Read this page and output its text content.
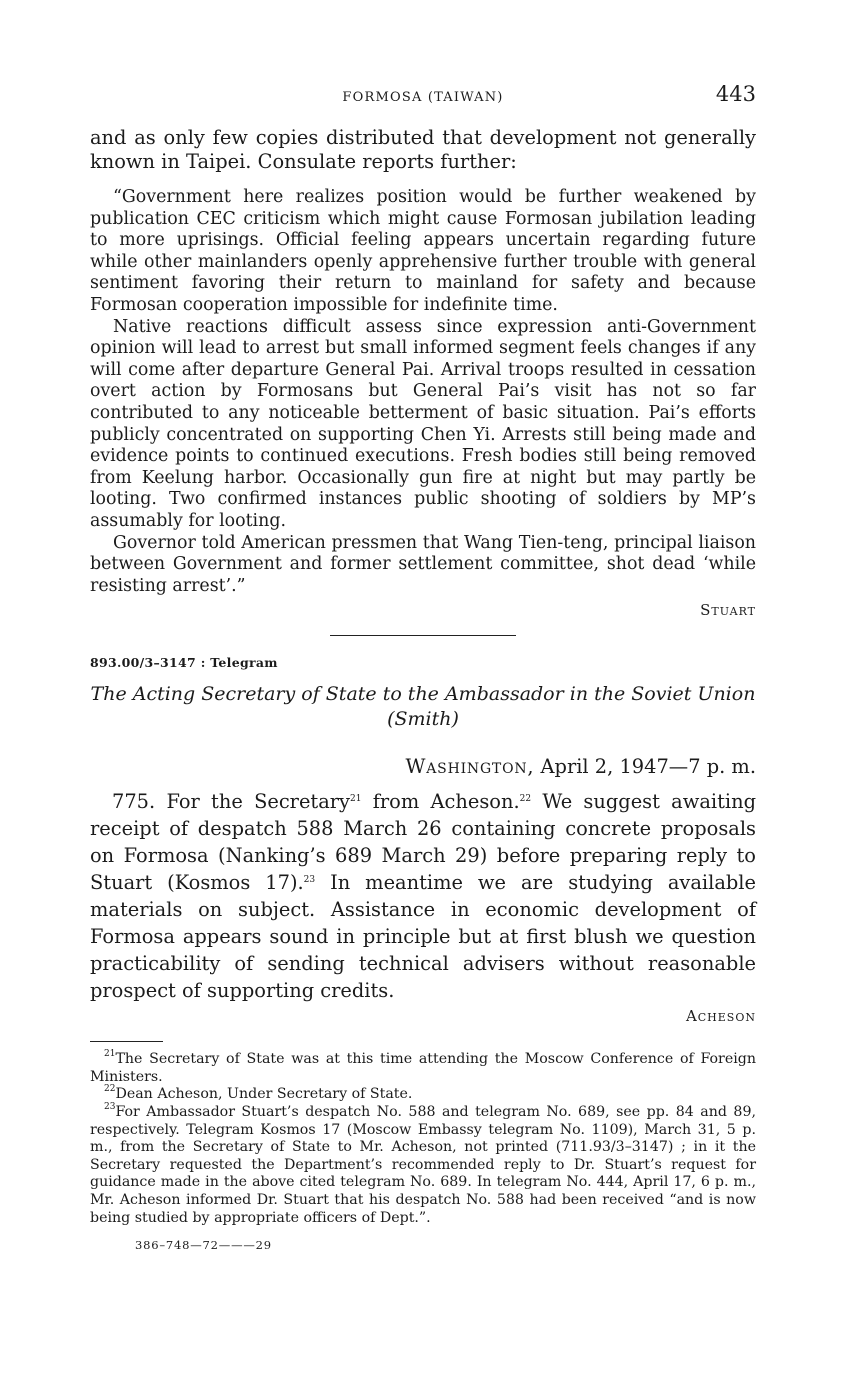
FORMOSA (TAIWAN)	443

and as only few copies distributed that development not generally known in Taipei. Consulate reports further:

“Government here realizes position would be further weakened by publication CEC criticism which might cause Formosan jubilation leading to more uprisings. Official feeling appears uncertain regarding future while other mainlanders openly apprehensive further trouble with general sentiment favoring their return to mainland for safety and because Formosan cooperation impossible for indefinite time.

Native reactions difficult assess since expression anti-Government opinion will lead to arrest but small informed segment feels changes if any will come after departure General Pai. Arrival troops resulted in cessation overt action by Formosans but General Pai’s visit has not so far contributed to any noticeable betterment of basic situation. Pai’s efforts publicly concentrated on supporting Chen Yi. Arrests still being made and evidence points to continued executions. Fresh bodies still being removed from Keelung harbor. Occasionally gun fire at night but may partly be looting. Two confirmed instances public shooting of soldiers by MP’s assumably for looting.

Governor told American pressmen that Wang Tien-teng, principal liaison between Government and former settlement committee, shot dead ‘while resisting arrest’.”

Stuart

893.00/3–3147 : Telegram

The Acting Secretary of State to the Ambassador in the Soviet Union

(Smith)

Washington, April 2, 1947—7 p. m.

775. For the Secretary$^{21}$ from Acheson.$^{22}$ We suggest awaiting receipt of despatch 588 March 26 containing concrete proposals on Formosa (Nanking’s 689 March 29) before preparing reply to Stuart (Kosmos 17).$^{23}$ In meantime we are studying available materials on subject. Assistance in economic development of Formosa appears sound in principle but at first blush we question practicability of sending technical advisers without reasonable prospect of supporting credits.

Acheson

$^{21}$The Secretary of State was at this time attending the Moscow Conference of Foreign Ministers.

$^{22}$Dean Acheson, Under Secretary of State.

$^{23}$For Ambassador Stuart’s despatch No. 588 and telegram No. 689, see pp. 84 and 89, respectively. Telegram Kosmos 17 (Moscow Embassy telegram No. 1109), March 31, 5 p. m., from the Secretary of State to Mr. Acheson, not printed (711.93/3–3147) ; in it the Secretary requested the Department’s recommended reply to Dr. Stuart’s request for guidance made in the above cited telegram No. 689. In telegram No. 444, April 17, 6 p. m., Mr. Acheson informed Dr. Stuart that his despatch No. 588 had been received “and is now being studied by appropriate officers of Dept.”.

386–748—72———29
